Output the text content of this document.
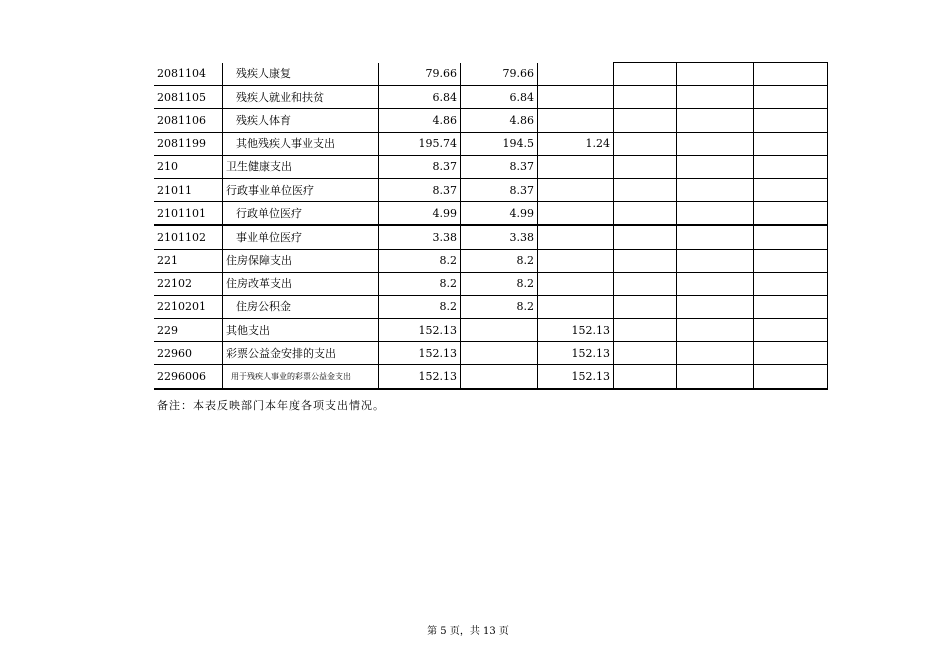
2081104	残疾人康复	79.66	79.66				
2081105	残疾人就业和扶贫	6.84	6.84				
2081106	残疾人体育	4.86	4.86				
2081199	其他残疾人事业支出	195.74	194.5	1.24			
210	卫生健康支出	8.37	8.37				
21011	行政事业单位医疗	8.37	8.37				
2101101	行政单位医疗	4.99	4.99				
2101102	事业单位医疗	3.38	3.38				
221	住房保障支出	8.2	8.2				
22102	住房改革支出	8.2	8.2				
2210201	住房公积金	8.2	8.2				
229	其他支出	152.13		152.13			
22960	彩票公益金安排的支出	152.13		152.13			
2296006	用于残疾人事业的彩票公益金支出	152.13		152.13			
备注：本表反映部门本年度各项支出情况。
第 5 页，共 13 页
